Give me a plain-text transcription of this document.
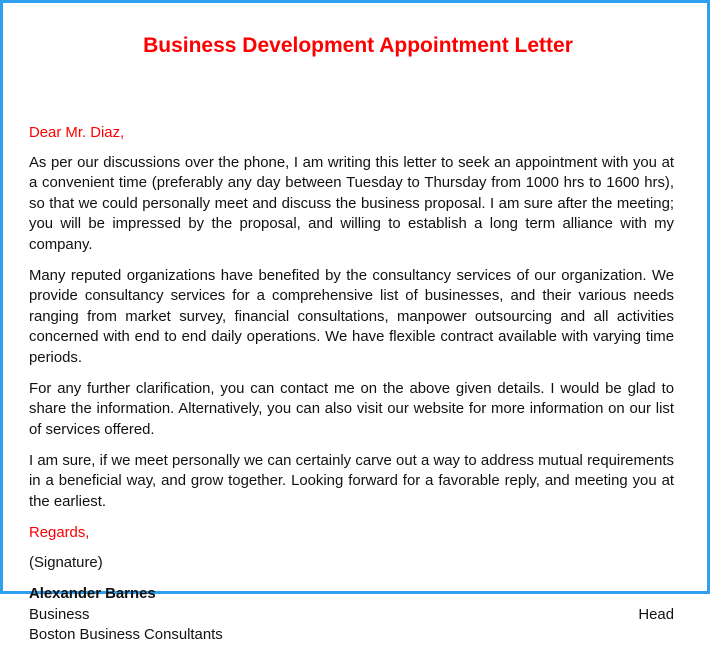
Business Development Appointment Letter

Dear Mr. Diaz,

As per our discussions over the phone, I am writing this letter to seek an appointment with you at a convenient time (preferably any day between Tuesday to Thursday from 1000 hrs to 1600 hrs), so that we could personally meet and discuss the business proposal. I am sure after the meeting; you will be impressed by the proposal, and willing to establish a long term alliance with my company.

Many reputed organizations have benefited by the consultancy services of our organization. We provide consultancy services for a comprehensive list of businesses, and their various needs ranging from market survey, financial consultations, manpower outsourcing and all activities concerned with end to end daily operations. We have flexible contract available with varying time periods.

For any further clarification, you can contact me on the above given details. I would be glad to share the information. Alternatively, you can also visit our website for more information on our list of services offered.

I am sure, if we meet personally we can certainly carve out a way to address mutual requirements in a beneficial way, and grow together. Looking forward for a favorable reply, and meeting you at the earliest.

Regards,

(Signature)

Alexander Barnes

Business	Head

Boston Business Consultants
